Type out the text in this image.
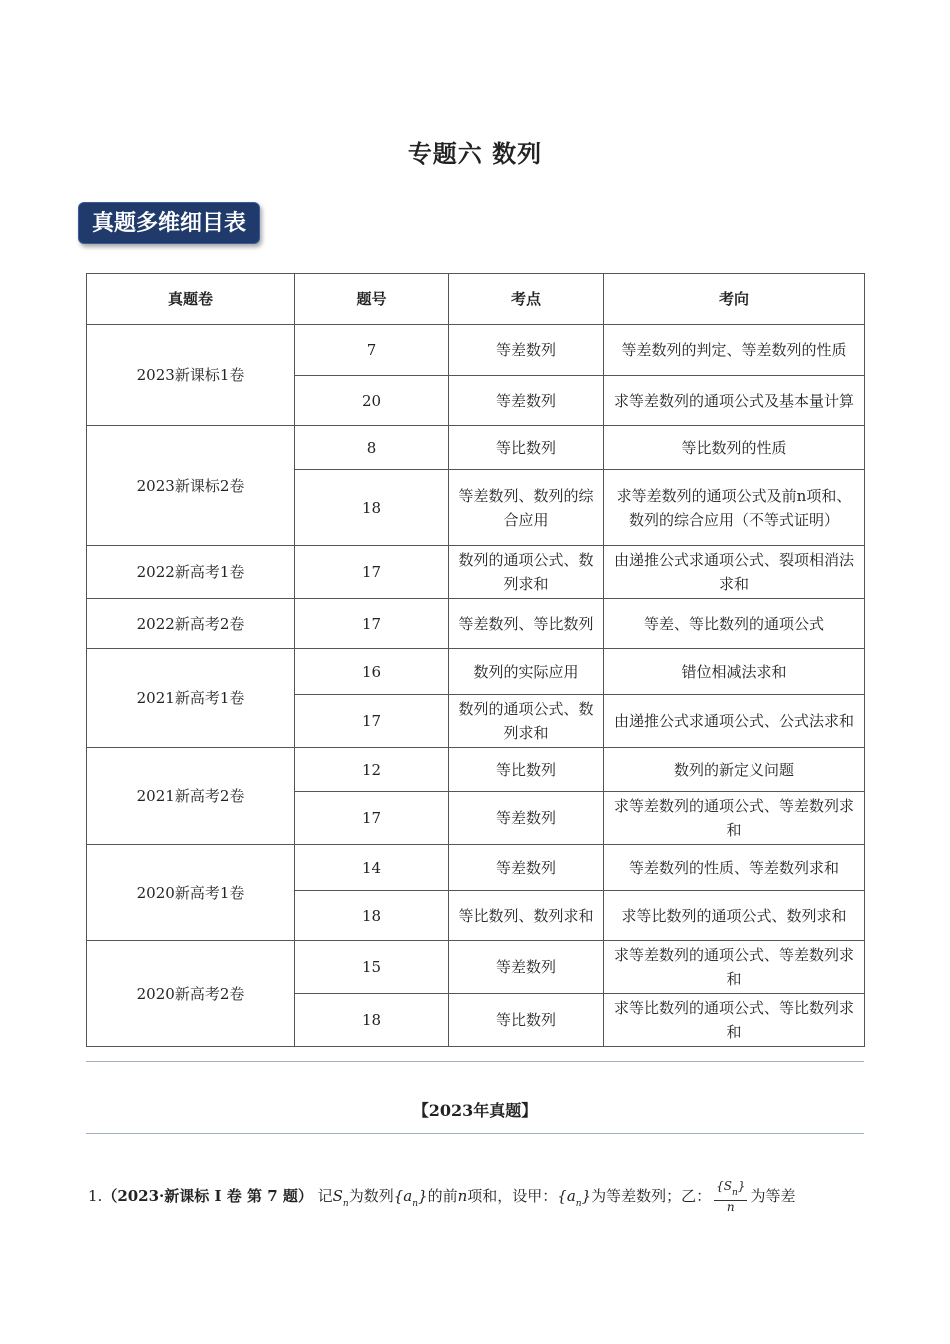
专题六 数列
真题多维细目表
真题卷	题号	考点	考向
2023新课标1卷	7	等差数列	等差数列的判定、等差数列的性质
	20	等差数列	求等差数列的通项公式及基本量计算
2023新课标2卷	8	等比数列	等比数列的性质
	18	等差数列、数列的综合应用	求等差数列的通项公式及前n项和、数列的综合应用（不等式证明）
2022新高考1卷	17	数列的通项公式、数列求和	由递推公式求通项公式、裂项相消法求和
2022新高考2卷	17	等差数列、等比数列	等差、等比数列的通项公式
2021新高考1卷	16	数列的实际应用	错位相减法求和
	17	数列的通项公式、数列求和	由递推公式求通项公式、公式法求和
2021新高考2卷	12	等比数列	数列的新定义问题
	17	等差数列	求等差数列的通项公式、等差数列求和
2020新高考1卷	14	等差数列	等差数列的性质、等差数列求和
	18	等比数列、数列求和	求等比数列的通项公式、数列求和
2020新高考2卷	15	等差数列	求等差数列的通项公式、等差数列求和
	18	等比数列	求等比数列的通项公式、等比数列求和
【2023年真题】
1.（2023·新课标 I 卷 第 7 题） 记$S_n$为数列$\{a_n\}$的前n项和，设甲：$\{a_n\}$为等差数列；乙： $\frac{\{S_n\}}{n}$ 为等差
